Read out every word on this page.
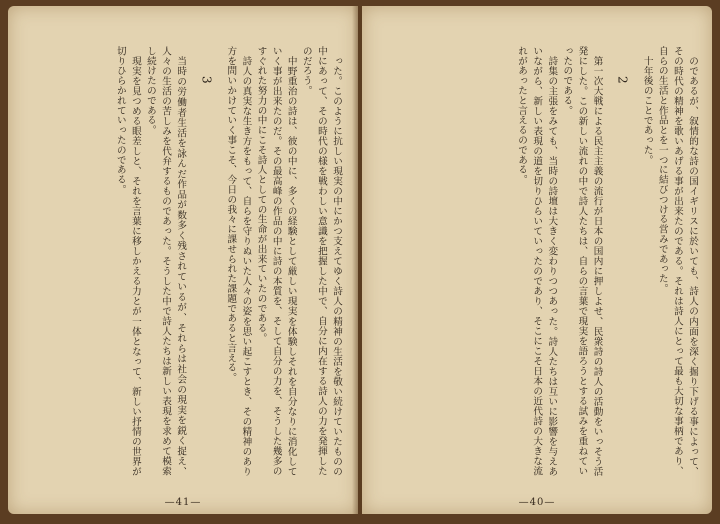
った。このように抗しい現実の中にかつ支えてゆく詩人の精神の生活を敬い続けていたものの中にあって、その時代の様を戦わしい意識を把握した中で、自分に内在する詩人の力を発揮したのだろう。

中野重治の詩は、彼の中に、多くの経験として厳しい現実を体験しそれを自分なりに消化していく事が出来たのだ。その最高峰の作品の中に詩の本質を、そして自分の力を、そうした幾多のすぐれた努力の中にこそ詩人としての生命が出来ていたのである。

詩人の真実な生き方をもって、自らを守りぬいた人々の姿を思い起こすとき、その精神のあり方を問いかけていく事こそ、今日の我々に課せられた課題であると言える。

3

当時の労働者生活を詠んだ作品が数多く残されているが、それらは社会の現実を鋭く捉え、人々の生活の苦しみを代弁するものであった。そうした中で詩人たちは新しい表現を求めて模索し続けたのである。

現実を見つめる眼差しと、それを言葉に移しかえる力とが一体となって、新しい抒情の世界が切りひらかれていったのである。

—41—

のであるが、叙情的な詩の国イギリスに於いても、詩人の内面を深く掘り下げる事によって、その時代の精神を歌いあげる事が出来たのである。それは詩人にとって最も大切な事柄であり、自らの生活と作品とを一つに結びつける営みであった。

十年後のことであった。

2

第一次大戦による民主主義の流行が日本の国内に押しよせ、民衆詩の詩人の活動をいっそう活発にした。この新しい流れの中で詩人たちは、自らの言葉で現実を語ろうとする試みを重ねていったのである。

詩集の主張をみても、当時の詩壇は大きく変わりつつあった。詩人たちは互いに影響を与えあいながら、新しい表現の道を切りひらいていったのであり、そこにこそ日本の近代詩の大きな流れがあったと言えるのである。

—40—
